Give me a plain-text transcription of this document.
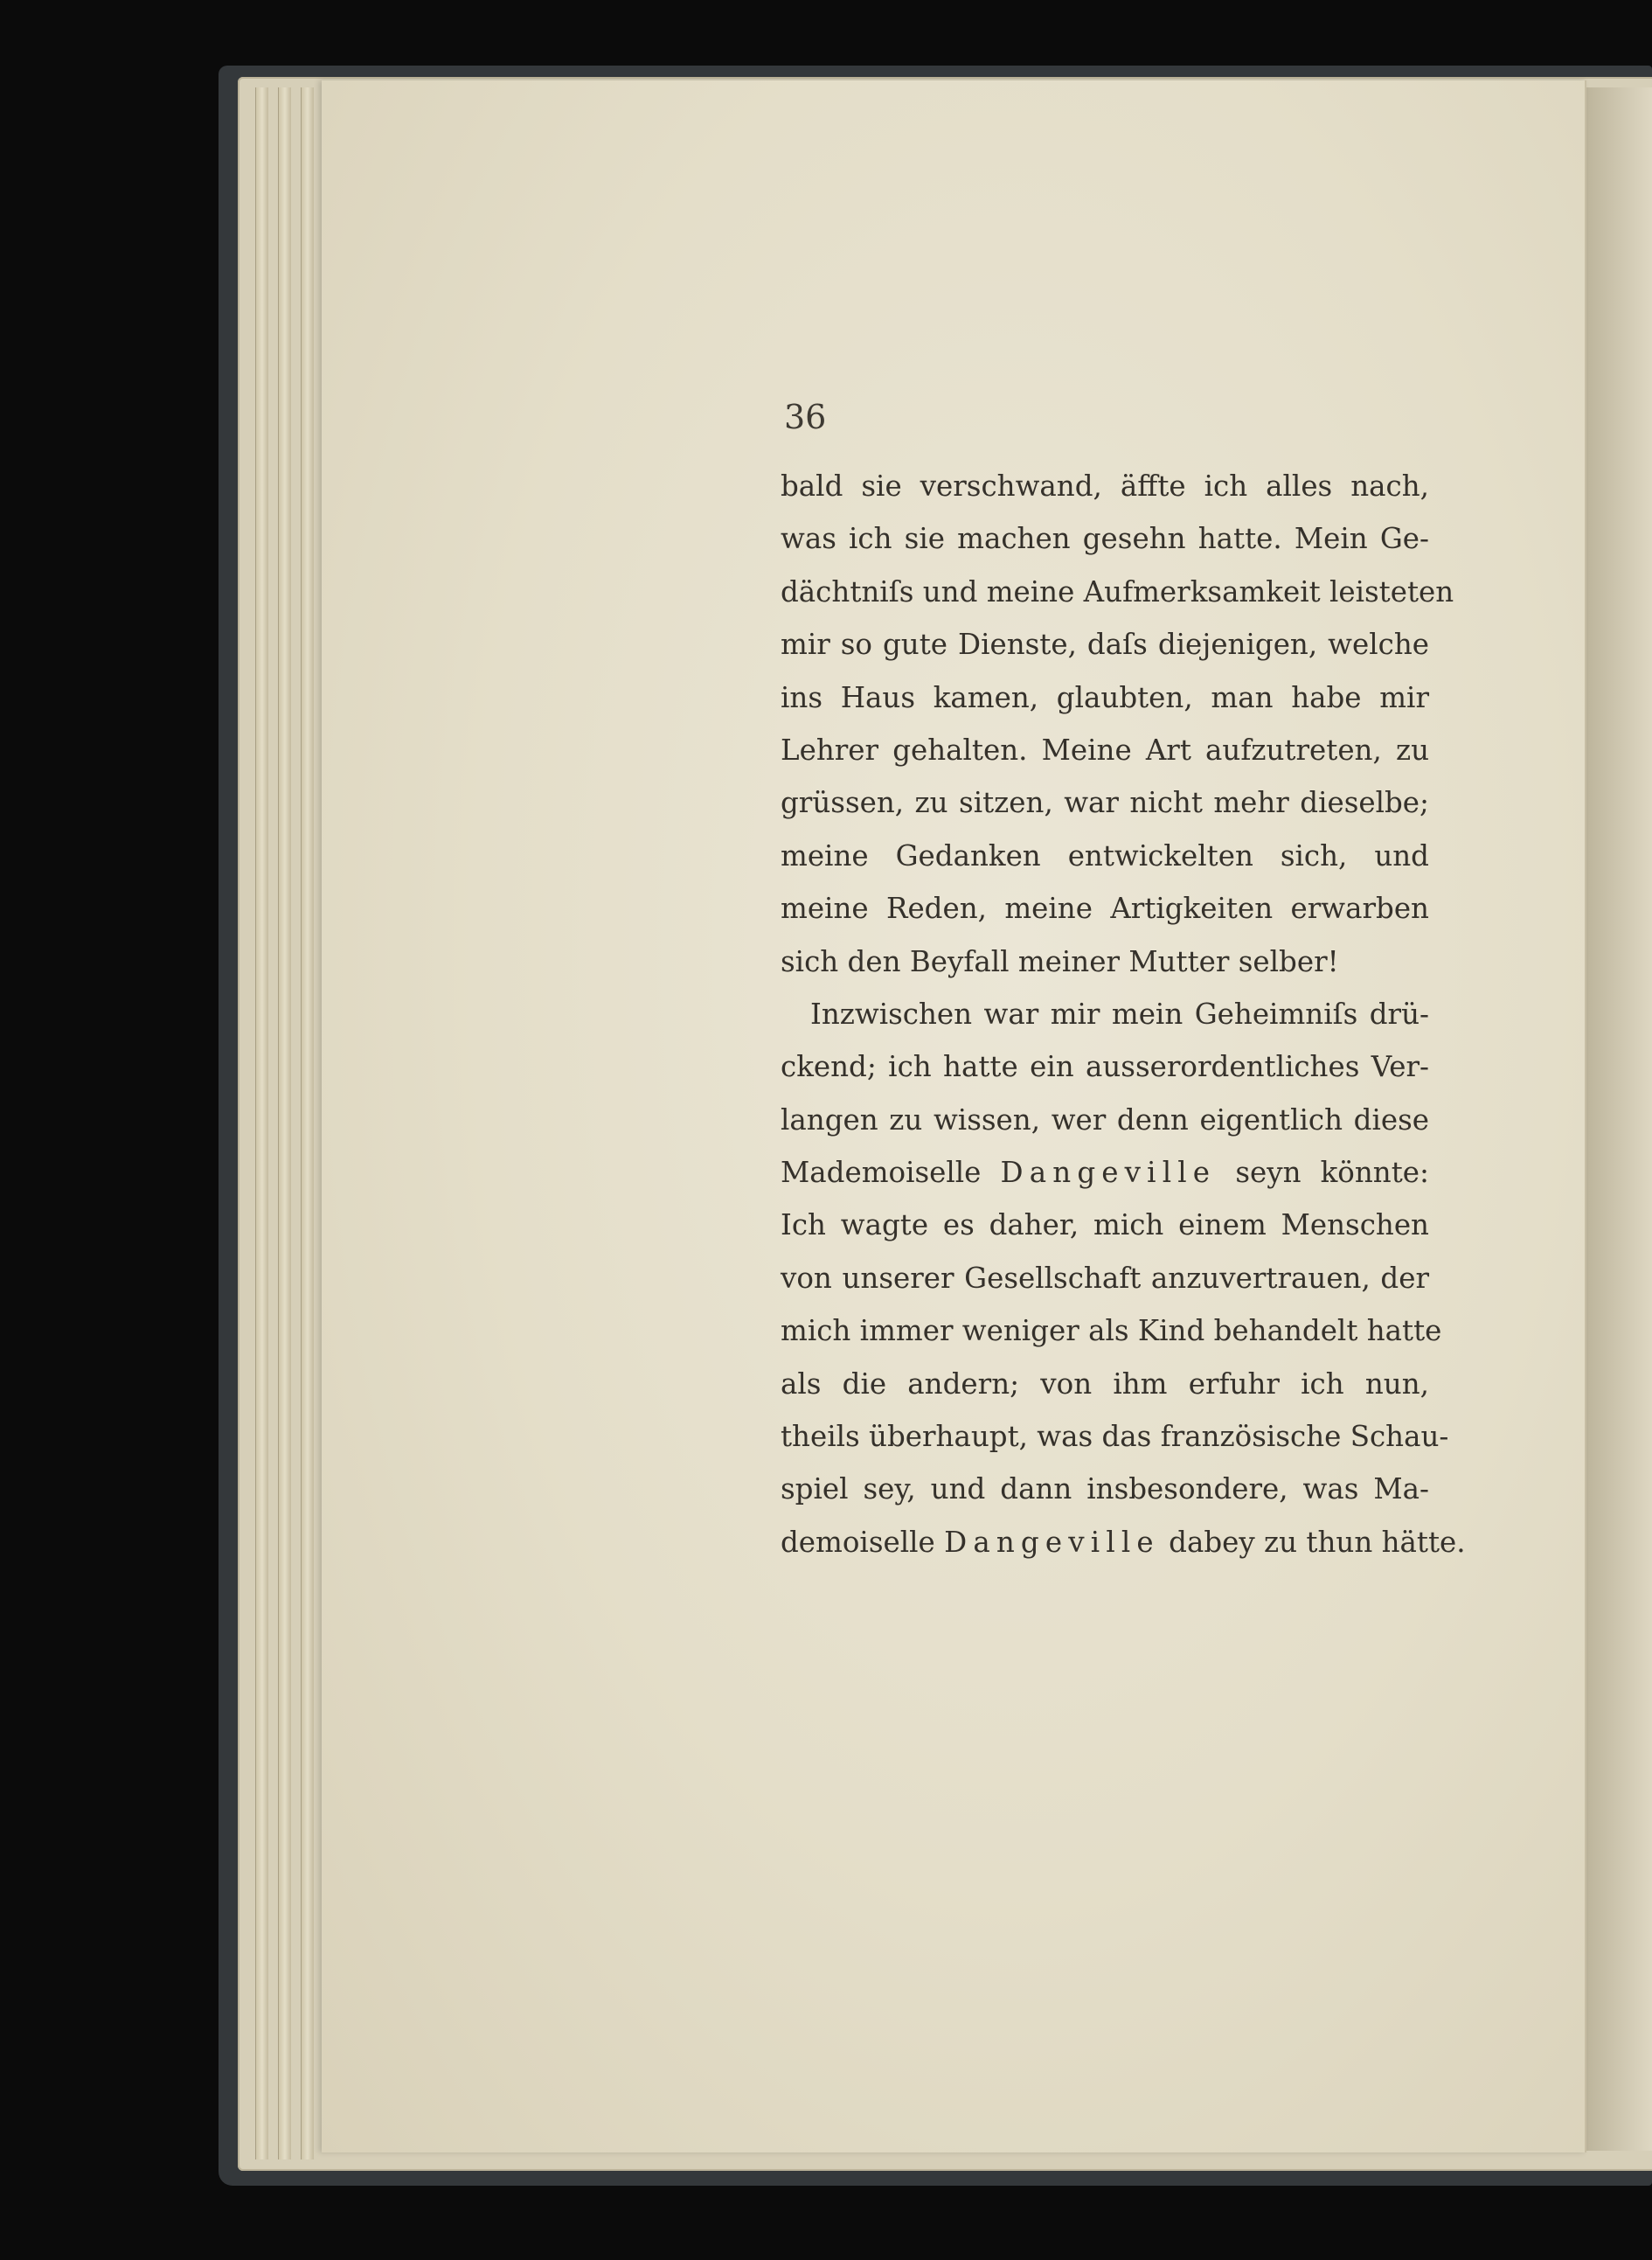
36

bald sie verschwand, äffte ich alles nach,
was ich sie machen gesehn hatte. Mein Ge-
dächtniſs und meine Aufmerksamkeit leisteten
mir so gute Dienste, daſs diejenigen, welche
ins Haus kamen, glaubten, man habe mir
Lehrer gehalten. Meine Art aufzutreten, zu
grüssen, zu sitzen, war nicht mehr dieselbe;
meine Gedanken entwickelten sich, und
meine Reden, meine Artigkeiten erwarben
sich den Beyfall meiner Mutter selber!
Inzwischen war mir mein Geheimniſs drü-
ckend; ich hatte ein ausserordentliches Ver-
langen zu wissen, wer denn eigentlich diese
Mademoiselle Dangeville seyn könnte:
Ich wagte es daher, mich einem Menschen
von unserer Gesellschaft anzuvertrauen, der
mich immer weniger als Kind behandelt hatte
als die andern; von ihm erfuhr ich nun,
theils überhaupt, was das französische Schau-
spiel sey, und dann insbesondere, was Ma-
demoiselle Dangeville dabey zu thun hätte.
